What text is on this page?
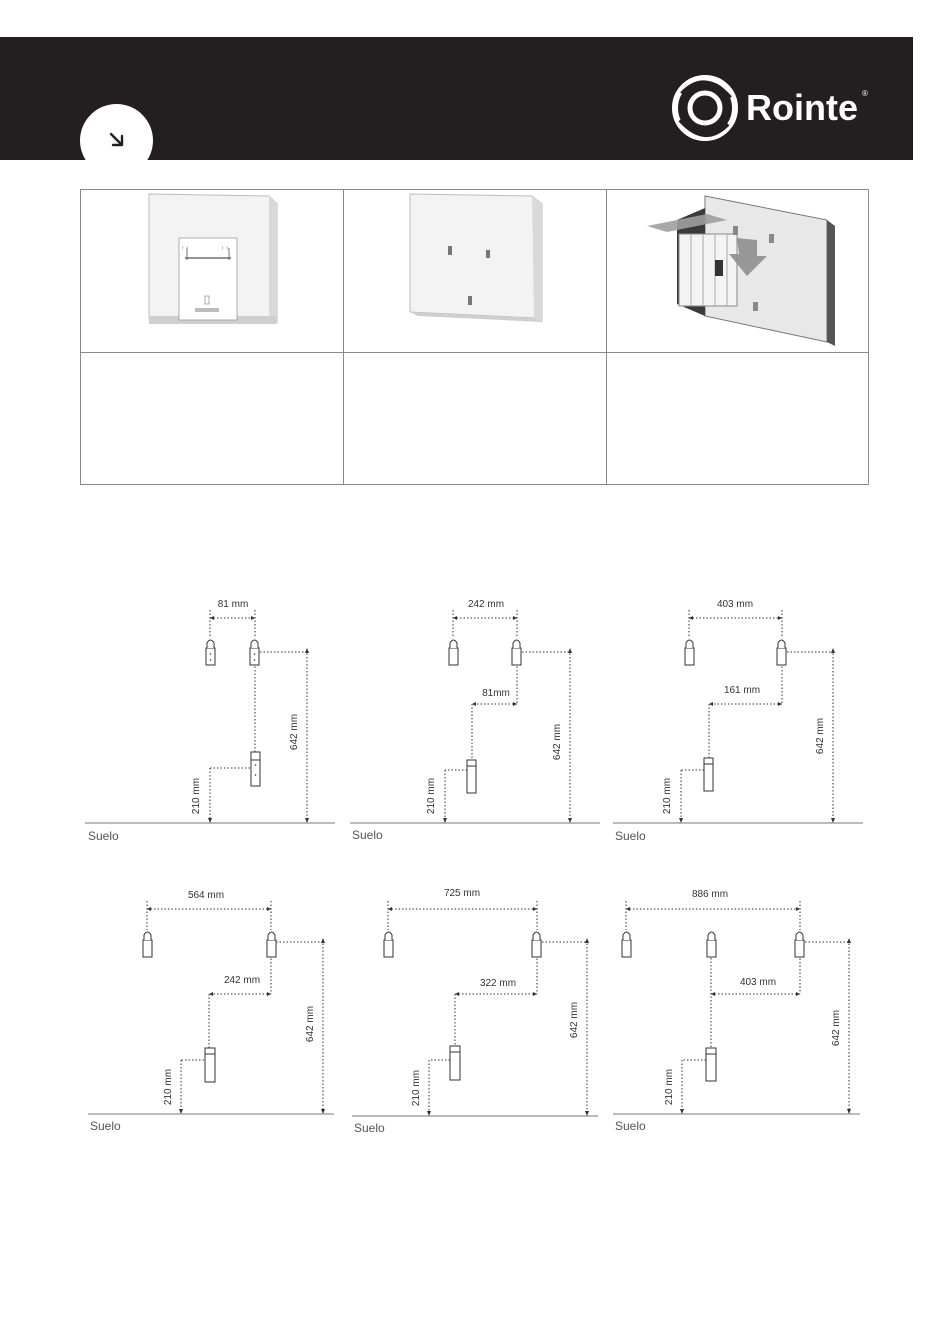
Rointe ®
↑ ↑	↑ ↑
81 mm
642 mm
210 mm
Suelo
242 mm
81mm
642 mm
210 mm
Suelo
403 mm
161 mm
642 mm
210 mm
Suelo
564 mm
242 mm
642 mm
210 mm
Suelo
725 mm
322 mm
642 mm
210 mm
Suelo
886 mm
403 mm
642 mm
210 mm
Suelo
